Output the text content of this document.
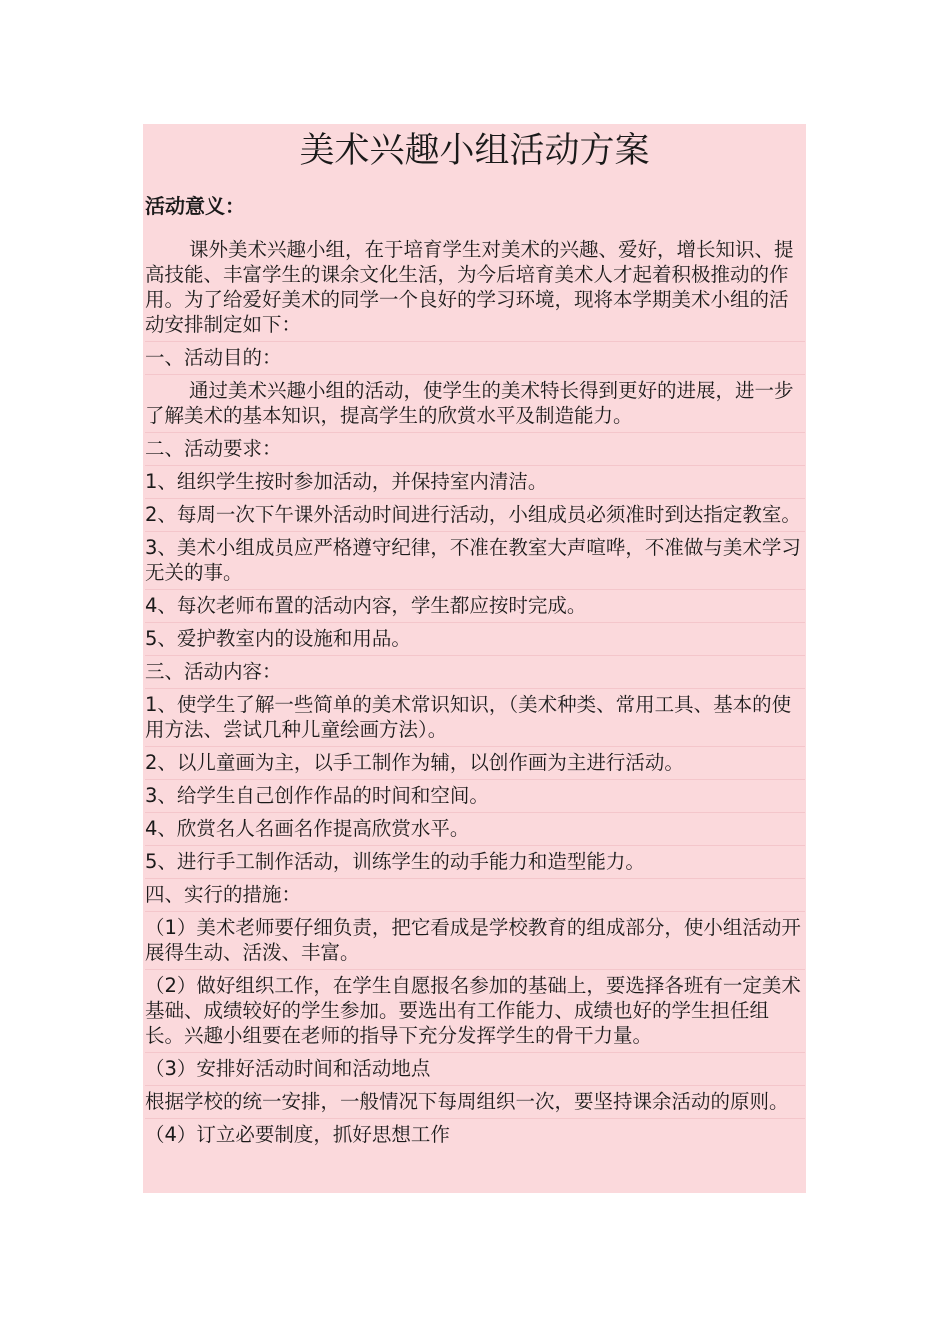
美术兴趣小组活动方案
活动意义：

课外美术兴趣小组，在于培育学生对美术的兴趣、爱好，增长知识、提高技能、丰富学生的课余文化生活，为今后培育美术人才起着积极推动的作用。为了给爱好美术的同学一个良好的学习环境，现将本学期美术小组的活动安排制定如下：

一、活动目的：

通过美术兴趣小组的活动，使学生的美术特长得到更好的进展，进一步了解美术的基本知识，提高学生的欣赏水平及制造能力。

二、活动要求：

1、组织学生按时参加活动，并保持室内清洁。

2、每周一次下午课外活动时间进行活动，小组成员必须准时到达指定教室。

3、美术小组成员应严格遵守纪律，不准在教室大声喧哗，不准做与美术学习无关的事。

4、每次老师布置的活动内容，学生都应按时完成。

5、爱护教室内的设施和用品。

三、活动内容：

1、使学生了解一些简单的美术常识知识，（美术种类、常用工具、基本的使用方法、尝试几种儿童绘画方法）。

2、以儿童画为主，以手工制作为辅，以创作画为主进行活动。

3、给学生自己创作作品的时间和空间。

4、欣赏名人名画名作提高欣赏水平。

5、进行手工制作活动，训练学生的动手能力和造型能力。

四、实行的措施：

（1）美术老师要仔细负责，把它看成是学校教育的组成部分，使小组活动开展得生动、活泼、丰富。

（2）做好组织工作，在学生自愿报名参加的基础上，要选择各班有一定美术基础、成绩较好的学生参加。要选出有工作能力、成绩也好的学生担任组长。兴趣小组要在老师的指导下充分发挥学生的骨干力量。

（3）安排好活动时间和活动地点

根据学校的统一安排，一般情况下每周组织一次，要坚持课余活动的原则。

（4）订立必要制度，抓好思想工作
